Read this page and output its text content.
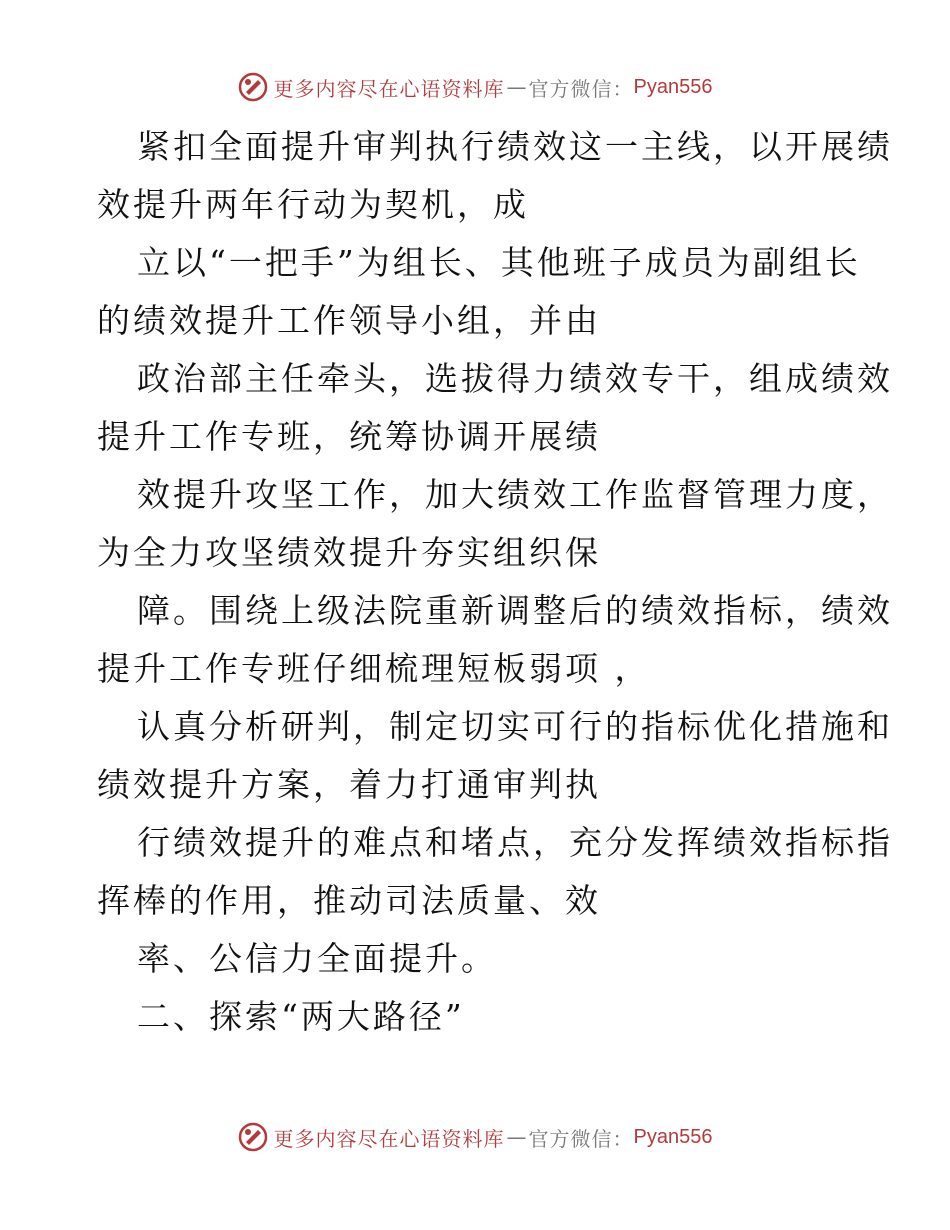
更多内容尽在心语资料库 — 官方微信： Pyan556

紧扣全面提升审判执行绩效这一主线，以开展绩
效提升两年行动为契机，成

立以“一把手”为组长、其他班子成员为副组长
的绩效提升工作领导小组，并由

政治部主任牵头，选拔得力绩效专干，组成绩效
提升工作专班，统筹协调开展绩

效提升攻坚工作，加大绩效工作监督管理力度，
为全力攻坚绩效提升夯实组织保

障。围绕上级法院重新调整后的绩效指标，绩效
提升工作专班仔细梳理短板弱项 ，

认真分析研判，制定切实可行的指标优化措施和
绩效提升方案，着力打通审判执

行绩效提升的难点和堵点，充分发挥绩效指标指
挥棒的作用，推动司法质量、效

率、公信力全面提升。

二、探索“两大路径”

更多内容尽在心语资料库 — 官方微信： Pyan556
